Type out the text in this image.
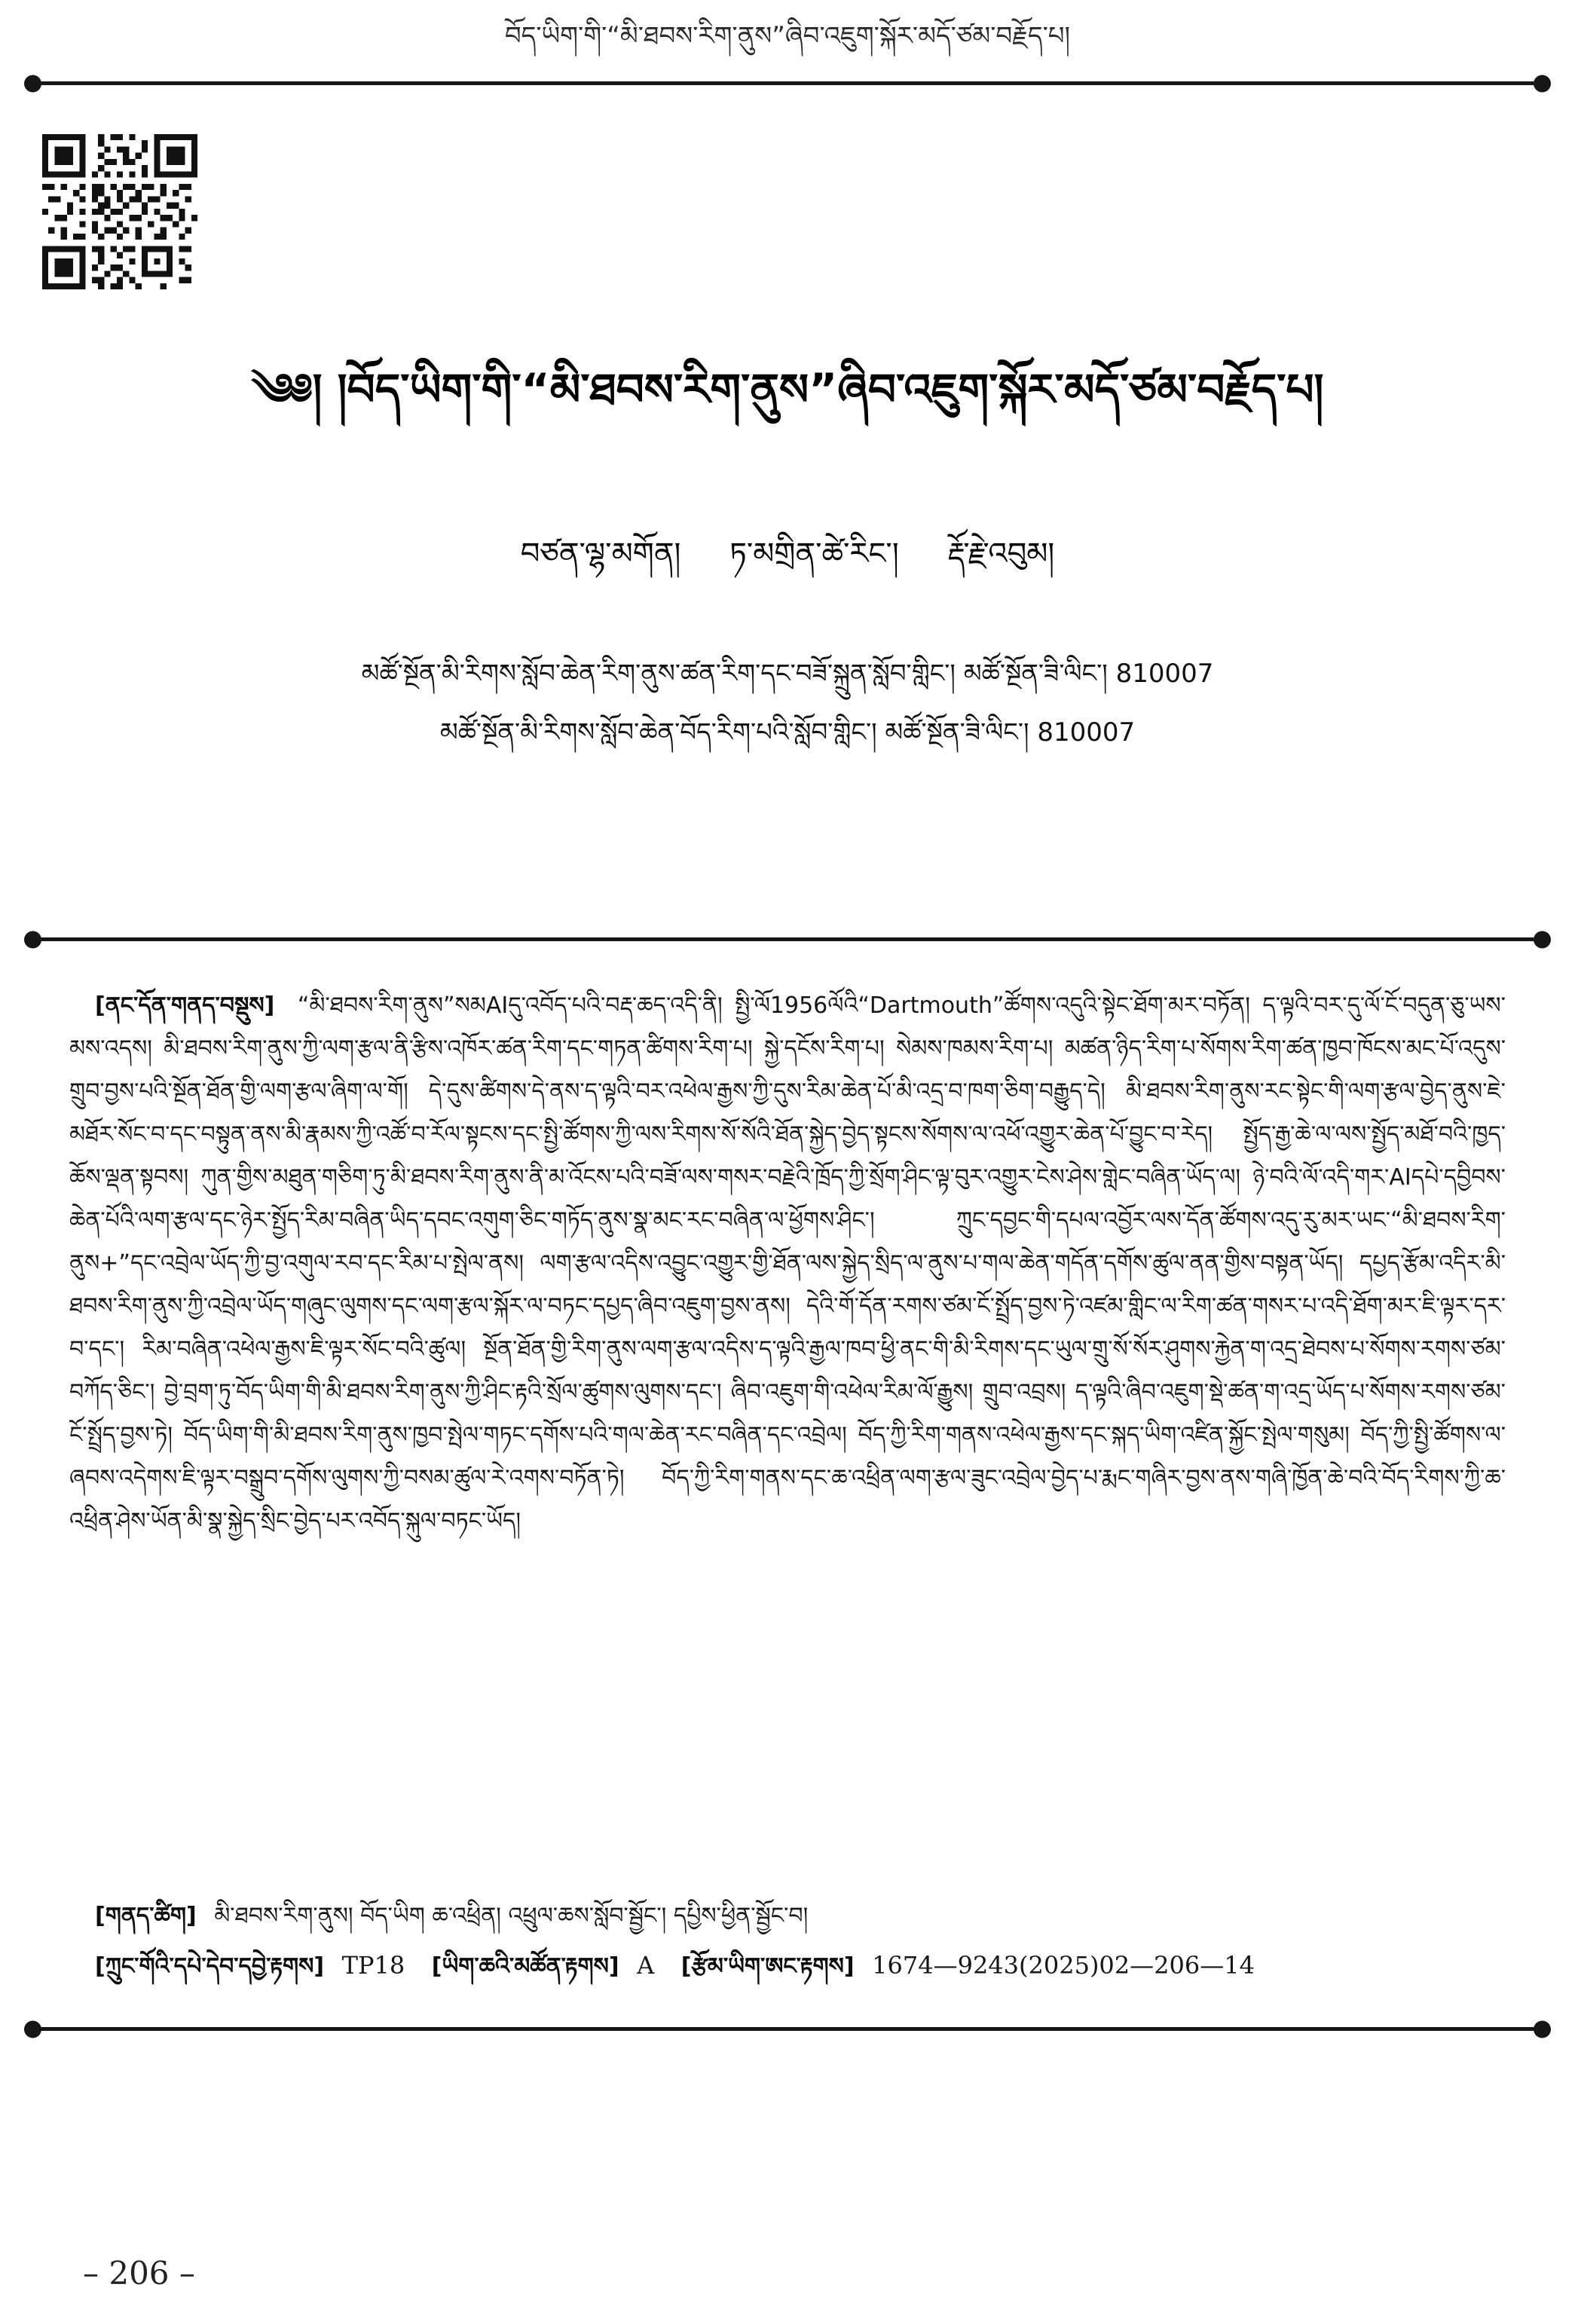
བོད་ཡིག་གི་“མི་ཐབས་རིག་ནུས”ཞིབ་འཇུག་སྐོར་མདོ་ཙམ་བརྗོད་པ།
༄༅། །བོད་ཡིག་གི་“མི་ཐབས་རིག་ནུས”ཞིབ་འཇུག་སྐོར་མདོ་ཙམ་བརྗོད་པ།
བཙན་ལྷ་མགོན། ཏ་མགྲིན་ཚེ་རིང་། རྡོ་རྗེ་འབུམ།
མཚོ་སྔོན་མི་རིགས་སློབ་ཆེན་རིག་ནུས་ཚན་རིག་དང་བཟོ་སྐྲུན་སློབ་གླིང་། མཚོ་སྔོན་ཟི་ལིང་། 810007
མཚོ་སྔོན་མི་རིགས་སློབ་ཆེན་བོད་རིག་པའི་སློབ་གླིང་། མཚོ་སྔོན་ཟི་ལིང་། 810007

[ནང་དོན་གནད་བསྡུས] “མི་ཐབས་རིག་ནུས”སམAIདུ་འབོད་པའི་བརྡ་ཆད་འདི་ནི། སྤྱི་ལོ1956ལོའི“Dartmouth”ཚོགས་འདུའི་སྟེང་ཐོག་མར་བཏོན། ད་ལྟའི་བར་དུ་ལོ་ངོ་བདུན་ཅུ་ཡས་མས་འདས། མི་ཐབས་རིག་ནུས་ཀྱི་ལག་རྩལ་ནི་རྩིས་འཁོར་ཚན་རིག་དང་གཏན་ཚིགས་རིག་པ། སྐྱེ་དངོས་རིག་པ། སེམས་ཁམས་རིག་པ། མཚན་ཉིད་རིག་པ་སོགས་རིག་ཚན་ཁྱབ་ཁོངས་མང་པོ་འདུས་གྲུབ་བྱས་པའི་སྔོན་ཐོན་གྱི་ལག་རྩལ་ཞིག་ལ་གོ། དེ་དུས་ཚིགས་དེ་ནས་ད་ལྟའི་བར་འཕེལ་རྒྱས་ཀྱི་དུས་རིམ་ཆེན་པོ་མི་འདྲ་བ་ཁག་ཅིག་བརྒྱུད་དེ། མི་ཐབས་རིག་ནུས་རང་སྟེང་གི་ལག་རྩལ་བྱེད་ནུས་ཇེ་མཐོར་སོང་བ་དང་བསྟུན་ནས་མི་རྣམས་ཀྱི་འཚོ་བ་རོལ་སྟངས་དང་སྤྱི་ཚོགས་ཀྱི་ལས་རིགས་སོ་སོའི་ཐོན་སྐྱེད་བྱེད་སྟངས་སོགས་ལ་འཕོ་འགྱུར་ཆེན་པོ་བྱུང་བ་རེད། སྤྱོད་རྒྱ་ཆེ་ལ་ལས་སྤྱོད་མཐོ་བའི་ཁྱད་ཆོས་ལྡན་སྟབས། ཀུན་གྱིས་མཐུན་གཅིག་ཏུ་མི་ཐབས་རིག་ནུས་ནི་མ་འོངས་པའི་བཟོ་ལས་གསར་བརྗེའི་ཁྲོད་ཀྱི་སྲོག་ཤིང་ལྟ་བུར་འགྱུར་ངེས་ཤེས་གླེང་བཞིན་ཡོད་ལ། ཉེ་བའི་ལོ་འདི་གར་AIདཔེ་དབྱིབས་ཆེན་པོའི་ལག་རྩལ་དང་ཉེར་སྤྱོད་རིམ་བཞིན་ཡིད་དབང་འགུག་ཅིང་གཏོད་ནུས་སྣ་མང་རང་བཞིན་ལ་ཕྱོགས་ཤིང་། ཀྲུང་དབྱང་གི་དཔལ་འབྱོར་ལས་དོན་ཚོགས་འདུ་རུ་མར་ཡང་“མི་ཐབས་རིག་ནུས+”དང་འབྲེལ་ཡོད་ཀྱི་བྱ་འགུལ་རབ་དང་རིམ་པ་སྤེལ་ནས། ལག་རྩལ་འདིས་འབྱུང་འགྱུར་གྱི་ཐོན་ལས་སྐྱེད་སྲིད་ལ་ནུས་པ་གལ་ཆེན་གདོན་དགོས་ཚུལ་ནན་གྱིས་བསྟན་ཡོད། དཔྱད་རྩོམ་འདིར་མི་ཐབས་རིག་ནུས་ཀྱི་འབྲེལ་ཡོད་གཞུང་ལུགས་དང་ལག་རྩལ་སྐོར་ལ་བཏང་དཔྱད་ཞིབ་འཇུག་བྱས་ནས། དེའི་གོ་དོན་རགས་ཙམ་ངོ་སྤྲོད་བྱས་ཏེ་འཛམ་གླིང་ལ་རིག་ཚན་གསར་པ་འདི་ཐོག་མར་ཇི་ལྟར་དར་བ་དང་། རིམ་བཞིན་འཕེལ་རྒྱས་ཇི་ལྟར་སོང་བའི་ཚུལ། སྔོན་ཐོན་གྱི་རིག་ནུས་ལག་རྩལ་འདིས་ད་ལྟའི་རྒྱལ་ཁབ་ཕྱི་ནང་གི་མི་རིགས་དང་ཡུལ་གྲུ་སོ་སོར་ཤུགས་རྐྱེན་ག་འདྲ་ཐེབས་པ་སོགས་རགས་ཙམ་བཀོད་ཅིང་། བྱེ་བྲག་ཏུ་བོད་ཡིག་གི་མི་ཐབས་རིག་ནུས་ཀྱི་ཤིང་རྟའི་སྲོལ་ཚུགས་ལུགས་དང་། ཞིབ་འཇུག་གི་འཕེལ་རིམ་ལོ་རྒྱུས། གྲུབ་འབྲས། ད་ལྟའི་ཞིབ་འཇུག་སྡེ་ཚན་ག་འདྲ་ཡོད་པ་སོགས་རགས་ཙམ་ངོ་སྤྲོད་བྱས་ཏེ། བོད་ཡིག་གི་མི་ཐབས་རིག་ནུས་ཁྱབ་སྤེལ་གཏང་དགོས་པའི་གལ་ཆེན་རང་བཞིན་དང་འབྲེལ། བོད་ཀྱི་རིག་གནས་འཕེལ་རྒྱས་དང་སྐད་ཡིག་འཛིན་སྐྱོང་སྤེལ་གསུམ། བོད་ཀྱི་སྤྱི་ཚོགས་ལ་ཞབས་འདེགས་ཇི་ལྟར་བསྒྲུབ་དགོས་ལུགས་ཀྱི་བསམ་ཚུལ་རེ་འགས་བཏོན་ཏེ། བོད་ཀྱི་རིག་གནས་དང་ཆ་འཕྲིན་ལག་རྩལ་ཟུང་འབྲེལ་བྱེད་པ་རྨང་གཞིར་བྱས་ནས་གཞི་ཁྱོན་ཆེ་བའི་བོད་རིགས་ཀྱི་ཆ་འཕྲིན་ཤེས་ཡོན་མི་སྣ་སྐྱེད་སྲིང་བྱེད་པར་འབོད་སྐུལ་བཏང་ཡོད།

[གནད་ཚིག] མི་ཐབས་རིག་ནུས། བོད་ཡིག ཆ་འཕྲིན། འཕྲུལ་ཆས་སློབ་སྦྱོང་། དཔྱིས་ཕྱིན་སྦྱོང་བ།

[ཀྲུང་གོའི་དཔེ་དེབ་དབྱེ་རྟགས] TP18 [ཡིག་ཆའི་མཚོན་རྟགས] A [རྩོམ་ཡིག་ཨང་རྟགས] 1674—9243(2025)02—206—14

– 206 –
